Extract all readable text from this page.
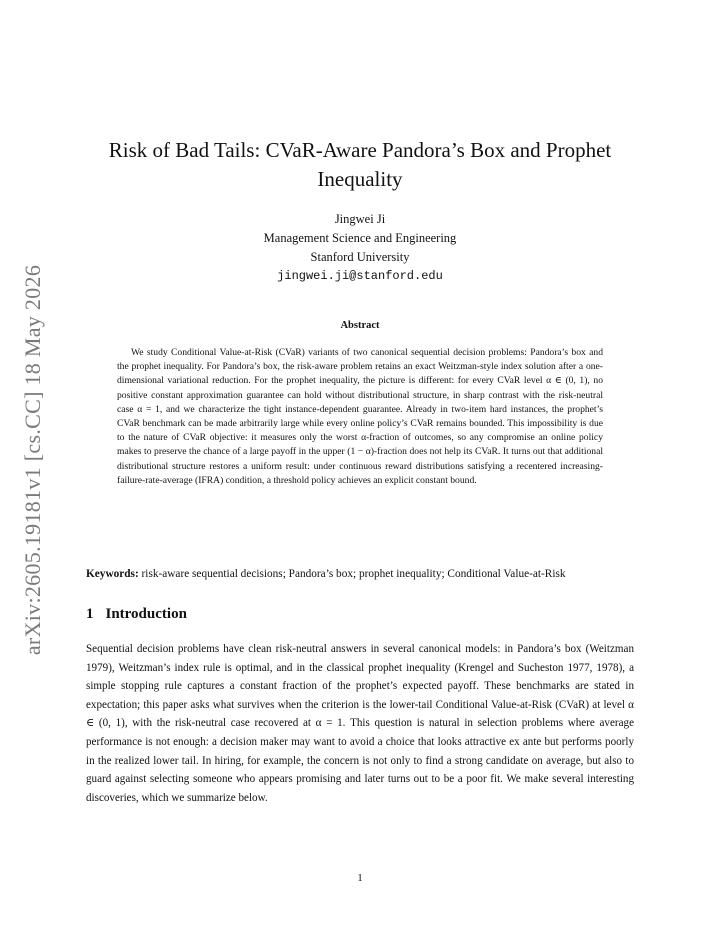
arXiv:2605.19181v1 [cs.CC] 18 May 2026
Risk of Bad Tails: CVaR-Aware Pandora’s Box and Prophet Inequality
Jingwei Ji
Management Science and Engineering
Stanford University
jingwei.ji@stanford.edu
Abstract

We study Conditional Value-at-Risk (CVaR) variants of two canonical sequential decision problems: Pandora’s box and the prophet inequality. For Pandora’s box, the risk-aware problem retains an exact Weitzman-style index solution after a one-dimensional variational reduction. For the prophet inequality, the picture is different: for every CVaR level α ∈ (0, 1), no positive constant approximation guarantee can hold without distributional structure, in sharp contrast with the risk-neutral case α = 1, and we characterize the tight instance-dependent guarantee. Already in two-item hard instances, the prophet’s CVaR benchmark can be made arbitrarily large while every online policy’s CVaR remains bounded. This impossibility is due to the nature of CVaR objective: it measures only the worst α-fraction of outcomes, so any compromise an online policy makes to preserve the chance of a large payoff in the upper (1 − α)-fraction does not help its CVaR. It turns out that additional distributional structure restores a uniform result: under continuous reward distributions satisfying a recentered increasing-failure-rate-average (IFRA) condition, a threshold policy achieves an explicit constant bound.

Keywords: risk-aware sequential decisions; Pandora’s box; prophet inequality; Conditional Value-at-Risk
1 Introduction

Sequential decision problems have clean risk-neutral answers in several canonical models: in Pandora’s box (Weitzman 1979), Weitzman’s index rule is optimal, and in the classical prophet inequality (Krengel and Sucheston 1977, 1978), a simple stopping rule captures a constant fraction of the prophet’s expected payoff. These benchmarks are stated in expectation; this paper asks what survives when the criterion is the lower-tail Conditional Value-at-Risk (CVaR) at level α ∈ (0, 1), with the risk-neutral case recovered at α = 1. This question is natural in selection problems where average performance is not enough: a decision maker may want to avoid a choice that looks attractive ex ante but performs poorly in the realized lower tail. In hiring, for example, the concern is not only to find a strong candidate on average, but also to guard against selecting someone who appears promising and later turns out to be a poor fit. We make several interesting discoveries, which we summarize below.

1
